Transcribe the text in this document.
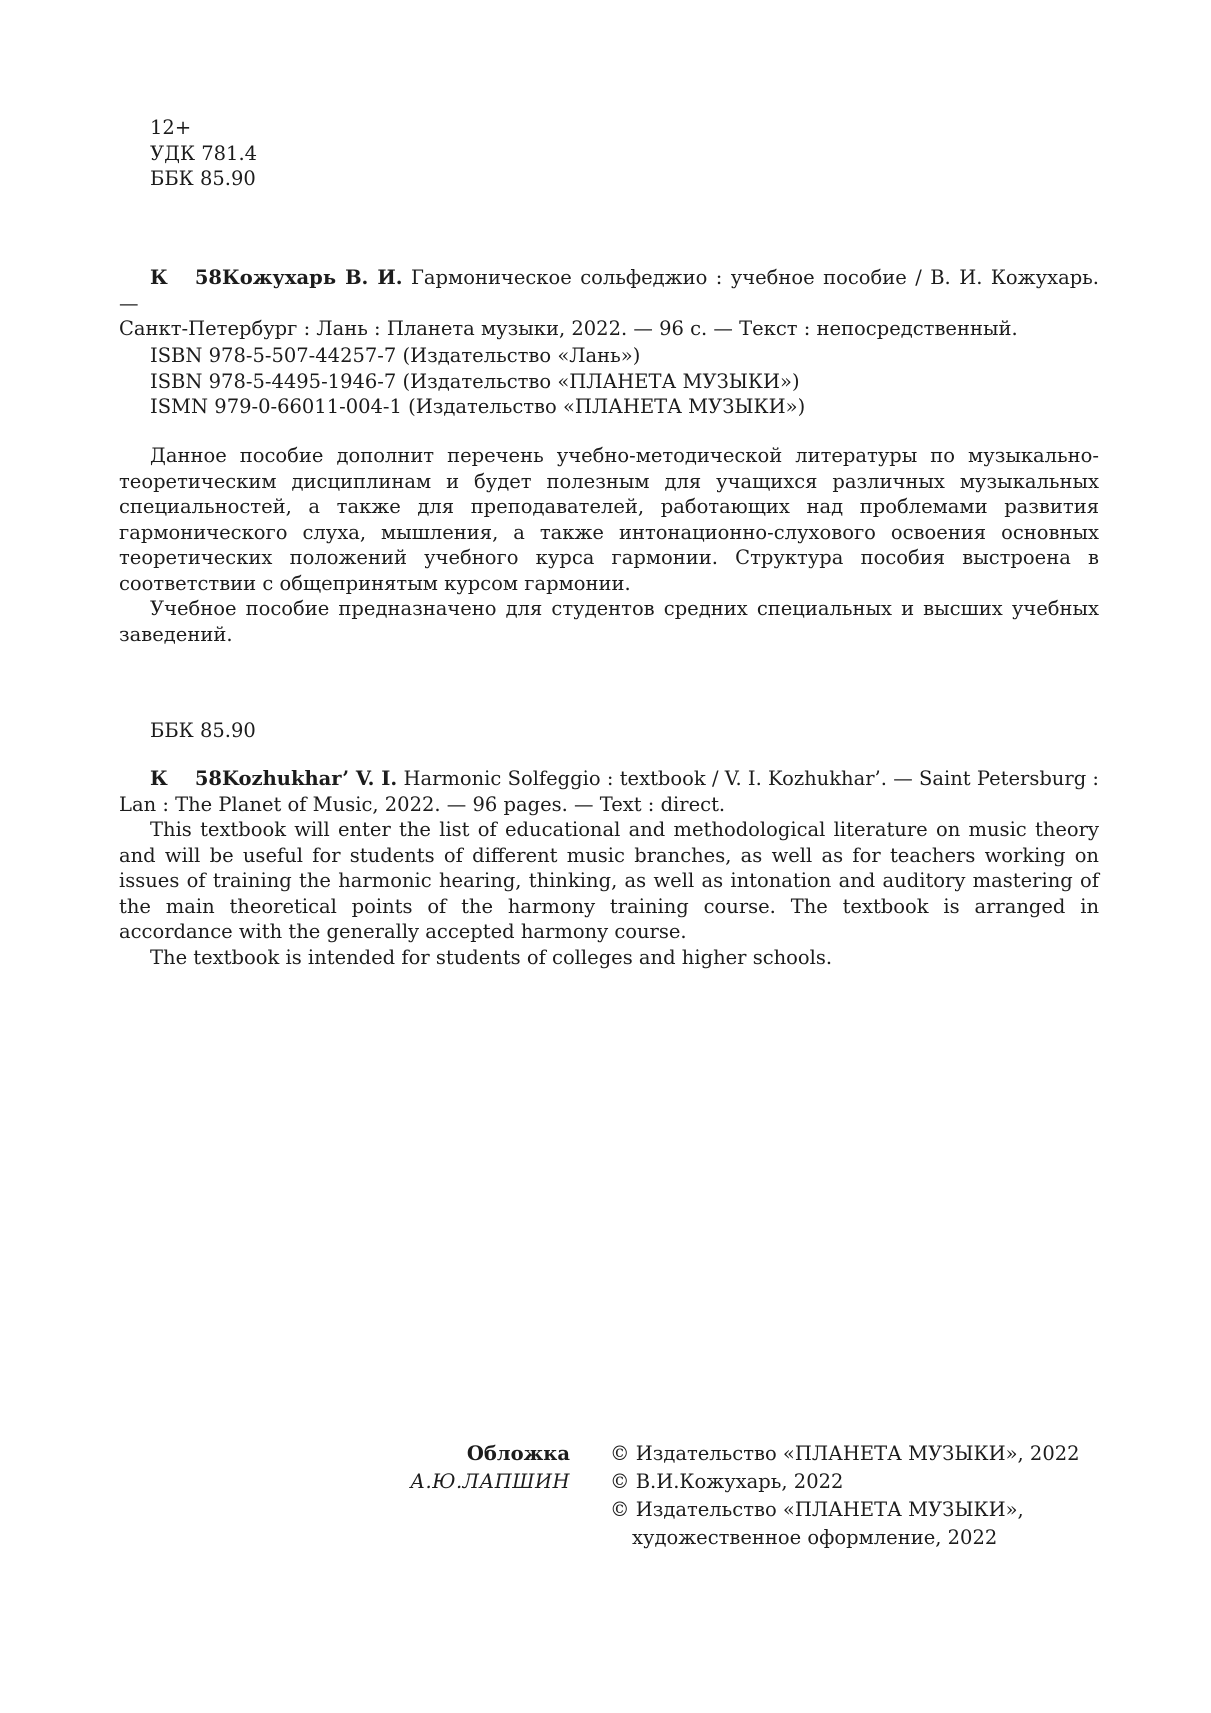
12+
УДК 781.4
ББК 85.90
К 58Кожухарь В. И. Гармоническое сольфеджио : учебное пособие / В. И. Кожухарь. —
Санкт-Петербург : Лань : Планета музыки, 2022. — 96 с. — Текст : непосредственный.
ISBN 978-5-507-44257-7 (Издательство «Лань»)
ISBN 978-5-4495-1946-7 (Издательство «ПЛАНЕТА МУЗЫКИ»)
ISMN 979-0-66011-004-1 (Издательство «ПЛАНЕТА МУЗЫКИ»)

Данное пособие дополнит перечень учебно-методической литературы по музыкально-теоретическим дисциплинам и будет полезным для учащихся различных музыкальных специальностей, а также для преподавателей, работающих над проблемами развития гармонического слуха, мышления, а также интонационно-слухового освоения основных теоретических положений учебного курса гармонии. Структура пособия выстроена в соответствии с общепринятым курсом гармонии.

Учебное пособие предназначено для студентов средних специальных и высших учебных заведений.

ББК 85.90
К 58Kozhukhar’ V. I. Harmonic Solfeggio : textbook / V. I. Kozhukhar’. — Saint Petersburg :
Lan : The Planet of Music, 2022. — 96 pages. — Text : direct.

This textbook will enter the list of educational and methodological literature on music theory and will be useful for students of different music branches, as well as for teachers working on issues of training the harmonic hearing, thinking, as well as intonation and auditory mastering of the main theoretical points of the harmony training course. The textbook is arranged in accordance with the generally accepted harmony course.

The textbook is intended for students of colleges and higher schools.

Обложка
А.Ю.ЛАПШИН
© Издательство «ПЛАНЕТА МУЗЫКИ», 2022
© В.И.Кожухарь, 2022
© Издательство «ПЛАНЕТА МУЗЫКИ»,
художественное оформление, 2022
